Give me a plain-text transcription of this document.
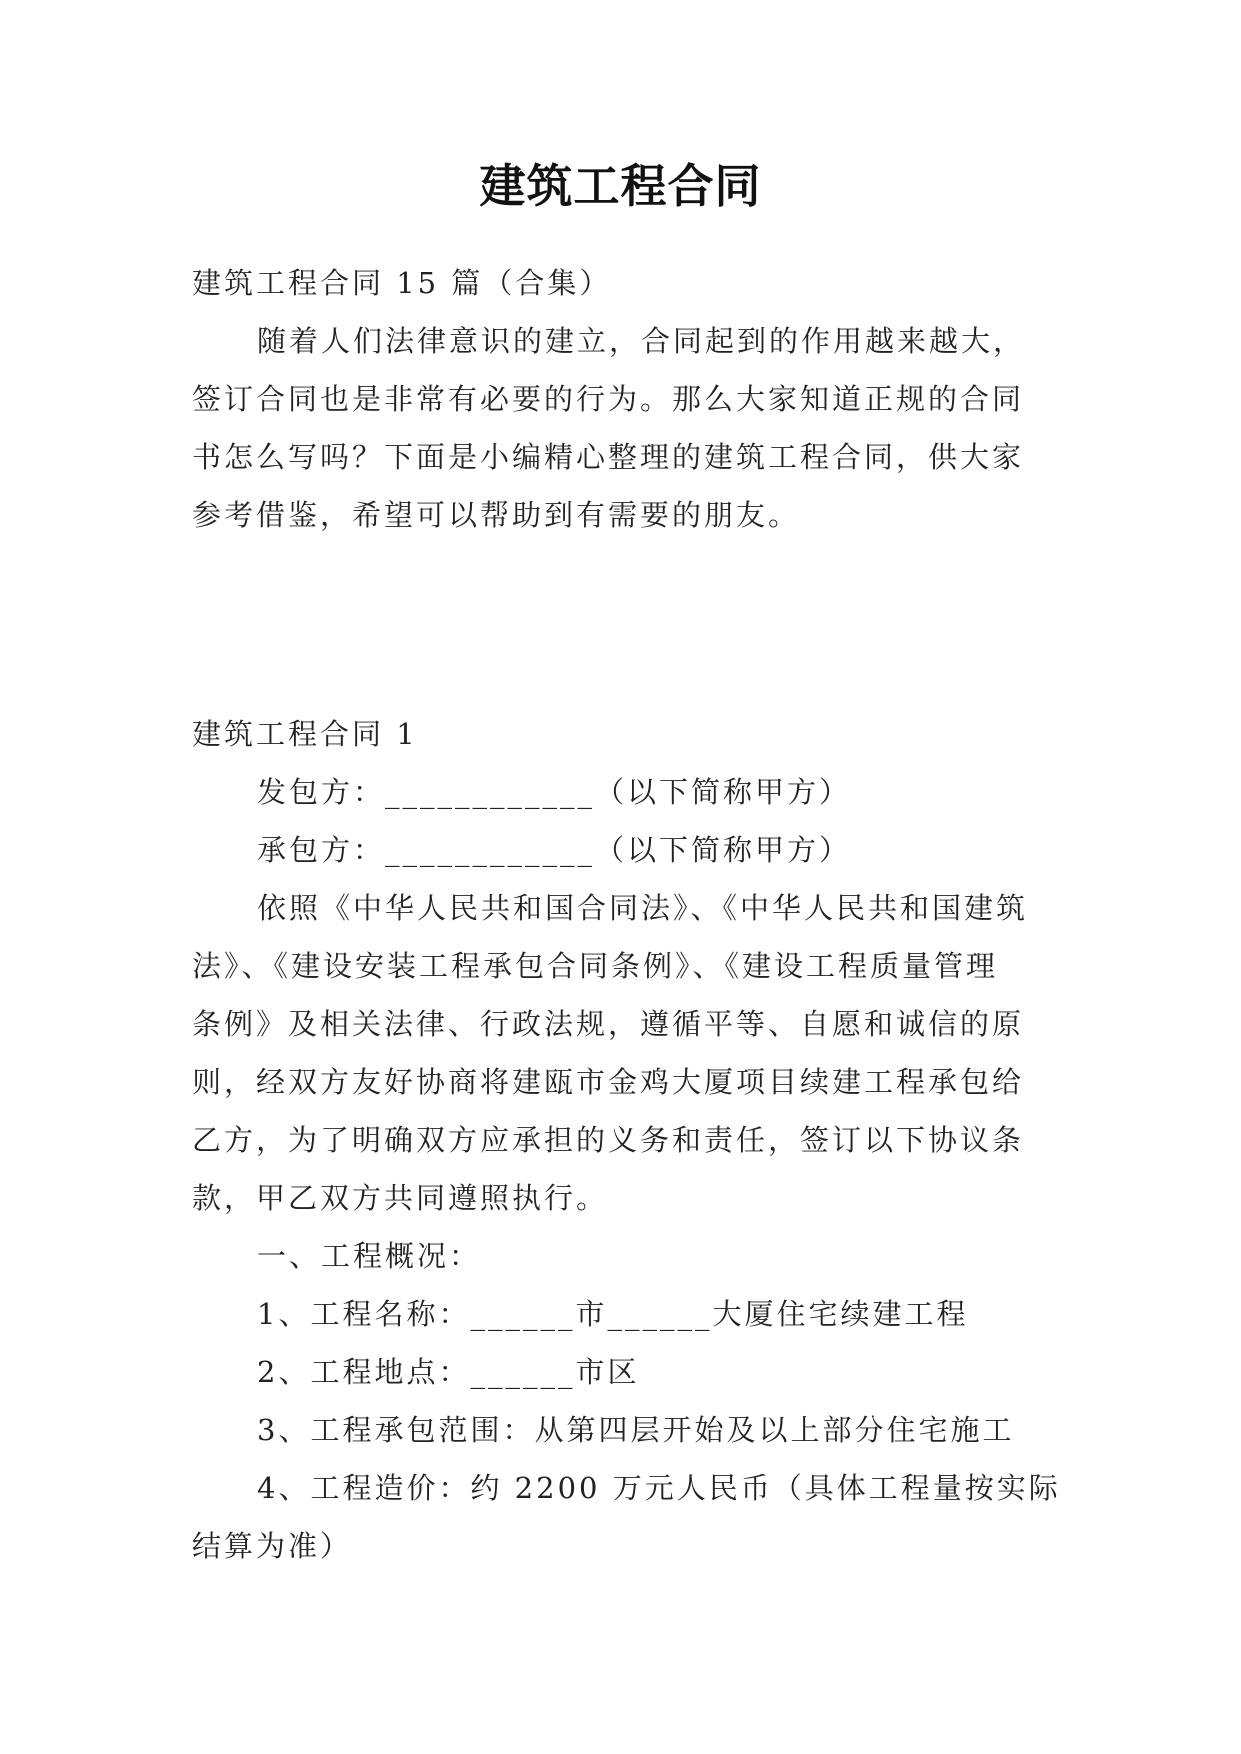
建筑工程合同
建筑工程合同 15 篇（合集）
随着人们法律意识的建立，合同起到的作用越来越大，
签订合同也是非常有必要的行为。那么大家知道正规的合同
书怎么写吗？下面是小编精心整理的建筑工程合同，供大家
参考借鉴，希望可以帮助到有需要的朋友。
建筑工程合同 1
发包方：____________（以下简称甲方）
承包方：____________（以下简称甲方）
依照《中华人民共和国合同法》、《中华人民共和国建筑
法》、《建设安装工程承包合同条例》、《建设工程质量管理
条例》及相关法律、行政法规，遵循平等、自愿和诚信的原
则，经双方友好协商将建瓯市金鸡大厦项目续建工程承包给
乙方，为了明确双方应承担的义务和责任，签订以下协议条
款，甲乙双方共同遵照执行。
一、工程概况：
1、工程名称：______市______大厦住宅续建工程
2、工程地点：______市区
3、工程承包范围：从第四层开始及以上部分住宅施工
4、工程造价：约 2200 万元人民币（具体工程量按实际
结算为准）
